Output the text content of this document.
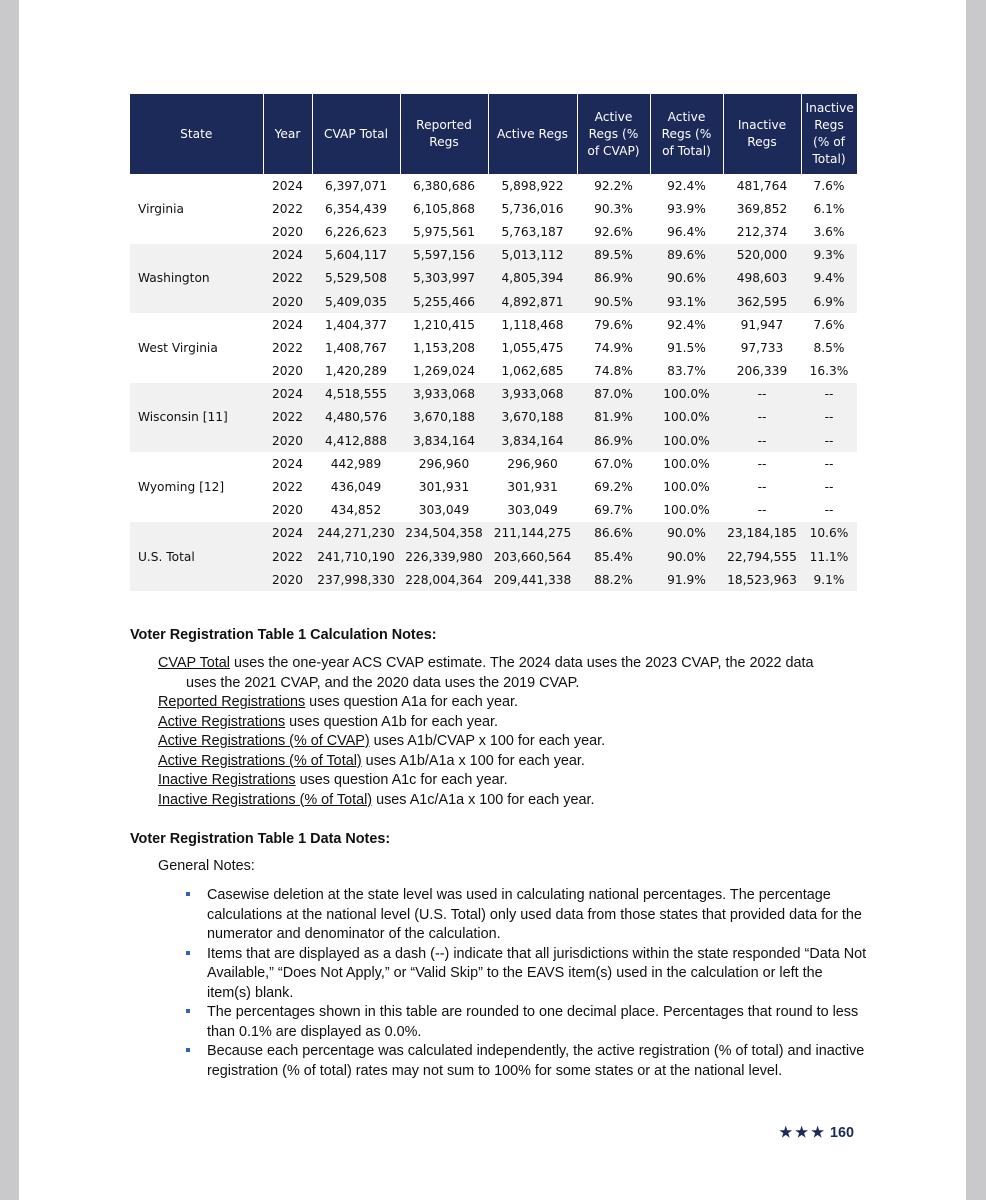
State	Year	CVAP Total	Reported Regs	Active Regs	Active Regs (% of CVAP)	Active Regs (% of Total)	Inactive Regs	Inactive Regs (% of Total)
	2024	6,397,071	6,380,686	5,898,922	92.2%	92.4%	481,764	7.6%
Virginia	2022	6,354,439	6,105,868	5,736,016	90.3%	93.9%	369,852	6.1%
	2020	6,226,623	5,975,561	5,763,187	92.6%	96.4%	212,374	3.6%
	2024	5,604,117	5,597,156	5,013,112	89.5%	89.6%	520,000	9.3%
Washington	2022	5,529,508	5,303,997	4,805,394	86.9%	90.6%	498,603	9.4%
	2020	5,409,035	5,255,466	4,892,871	90.5%	93.1%	362,595	6.9%
	2024	1,404,377	1,210,415	1,118,468	79.6%	92.4%	91,947	7.6%
West Virginia	2022	1,408,767	1,153,208	1,055,475	74.9%	91.5%	97,733	8.5%
	2020	1,420,289	1,269,024	1,062,685	74.8%	83.7%	206,339	16.3%
	2024	4,518,555	3,933,068	3,933,068	87.0%	100.0%	--	--
Wisconsin [11]	2022	4,480,576	3,670,188	3,670,188	81.9%	100.0%	--	--
	2020	4,412,888	3,834,164	3,834,164	86.9%	100.0%	--	--
	2024	442,989	296,960	296,960	67.0%	100.0%	--	--
Wyoming [12]	2022	436,049	301,931	301,931	69.2%	100.0%	--	--
	2020	434,852	303,049	303,049	69.7%	100.0%	--	--
	2024	244,271,230	234,504,358	211,144,275	86.6%	90.0%	23,184,185	10.6%
U.S. Total	2022	241,710,190	226,339,980	203,660,564	85.4%	90.0%	22,794,555	11.1%
	2020	237,998,330	228,004,364	209,441,338	88.2%	91.9%	18,523,963	9.1%
Voter Registration Table 1 Calculation Notes:
CVAP Total uses the one-year ACS CVAP estimate. The 2024 data uses the 2023 CVAP, the 2022 data
uses the 2021 CVAP, and the 2020 data uses the 2019 CVAP.
Reported Registrations uses question A1a for each year.
Active Registrations uses question A1b for each year.
Active Registrations (% of CVAP) uses A1b/CVAP x 100 for each year.
Active Registrations (% of Total) uses A1b/A1a x 100 for each year.
Inactive Registrations uses question A1c for each year.
Inactive Registrations (% of Total) uses A1c/A1a x 100 for each year.
Voter Registration Table 1 Data Notes:
General Notes:
Casewise deletion at the state level was used in calculating national percentages. The percentage calculations at the national level (U.S. Total) only used data from those states that provided data for the numerator and denominator of the calculation.
Items that are displayed as a dash (--) indicate that all jurisdictions within the state responded “Data Not Available,” “Does Not Apply,” or “Valid Skip” to the EAVS item(s) used in the calculation or left the item(s) blank.
The percentages shown in this table are rounded to one decimal place. Percentages that round to less than 0.1% are displayed as 0.0%.
Because each percentage was calculated independently, the active registration (% of total) and inactive registration (% of total) rates may not sum to 100% for some states or at the national level.
★★★ 160
